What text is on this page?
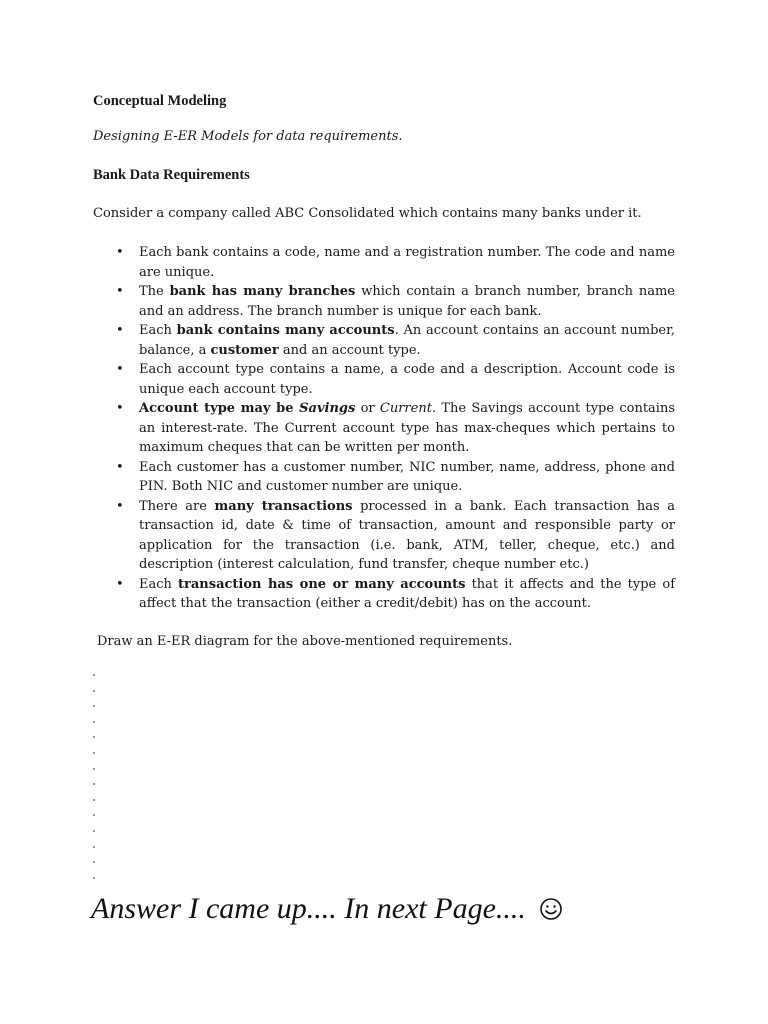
Conceptual Modeling
Designing E-ER Models for data requirements.
Bank Data Requirements
Consider a company called ABC Consolidated which contains many banks under it.
• Each bank contains a code, name and a registration number. The code and name are unique.
• The bank has many branches which contain a branch number, branch name and an address. The branch number is unique for each bank.
• Each bank contains many accounts. An account contains an account number, balance, a customer and an account type.
• Each account type contains a name, a code and a description. Account code is unique each account type.
• Account type may be Savings or Current. The Savings account type contains an interest-rate. The Current account type has max-cheques which pertains to maximum cheques that can be written per month.
• Each customer has a customer number, NIC number, name, address, phone and PIN. Both NIC and customer number are unique.
• There are many transactions processed in a bank. Each transaction has a transaction id, date & time of transaction, amount and responsible party or application for the transaction (i.e. bank, ATM, teller, cheque, etc.) and description (interest calculation, fund transfer, cheque number etc.)
• Each transaction has one or many accounts that it affects and the type of affect that the transaction (either a credit/debit) has on the account.
Draw an E-ER diagram for the above-mentioned requirements.
Answer I came up.... In next Page....
